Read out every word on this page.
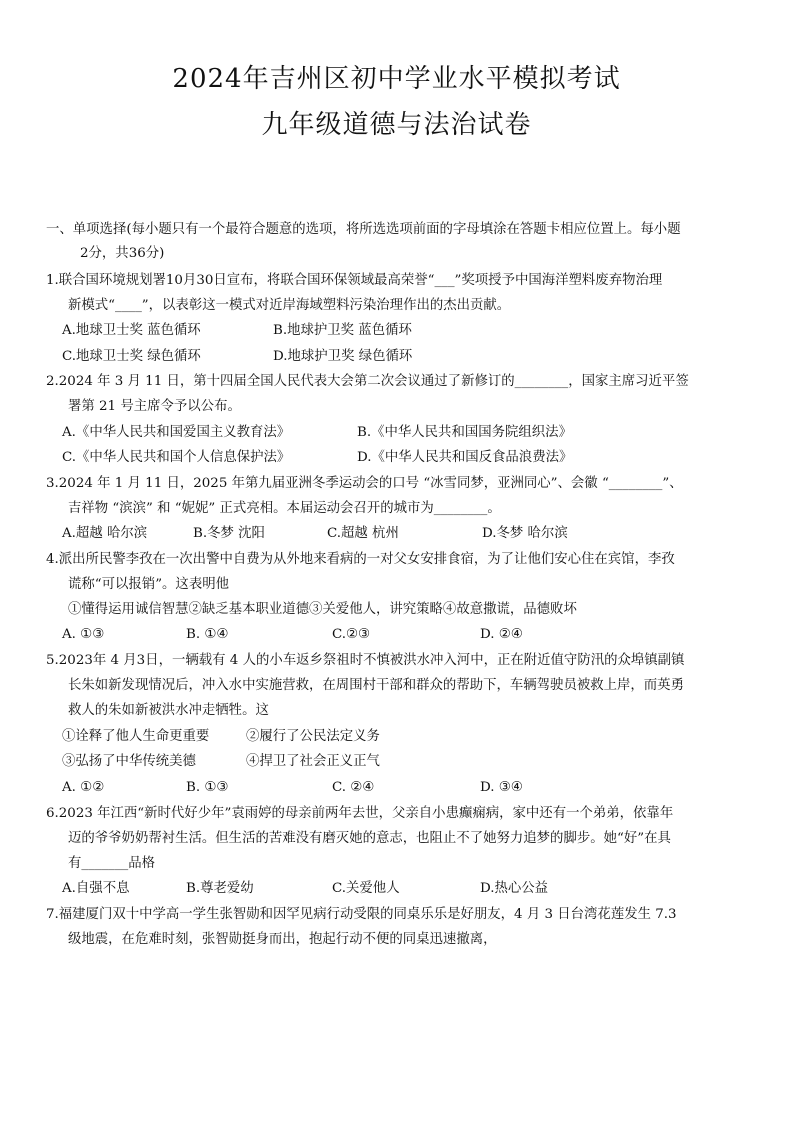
2024年吉州区初中学业水平模拟考试
九年级道德与法治试卷

一、单项选择(每小题只有一个最符合题意的选项，将所选选项前面的字母填涂在答题卡相应位置上。每小题

2分，共36分)

1.联合国环境规划署10月30日宣布，将联合国环保领域最高荣誉“___”奖项授予中国海洋塑料废弃物治理

新模式“____”，以表彰这一模式对近岸海域塑料污染治理作出的杰出贡献。

A.地球卫士奖 蓝色循环	B.地球护卫奖 蓝色循环
C.地球卫士奖 绿色循环	D.地球护卫奖 绿色循环

2.2024 年 3 月 11 日，第十四届全国人民代表大会第二次会议通过了新修订的________，国家主席习近平签

署第 21 号主席令予以公布。

A.《中华人民共和国爱国主义教育法》	B.《中华人民共和国国务院组织法》
C.《中华人民共和国个人信息保护法》	D.《中华人民共和国反食品浪费法》

3.2024 年 1 月 11 日，2025 年第九届亚洲冬季运动会的口号 “冰雪同梦，亚洲同心”、会徽 “________”、

吉祥物 “滨滨” 和 “妮妮” 正式亮相。本届运动会召开的城市为________。

A.超越 哈尔滨	B.冬梦 沈阳	C.超越 杭州	D.冬梦 哈尔滨

4.派出所民警李孜在一次出警中自费为从外地来看病的一对父女安排食宿，为了让他们安心住在宾馆，李孜

谎称“可以报销”。这表明他

①懂得运用诚信智慧②缺乏基本职业道德③关爱他人，讲究策略④故意撒谎，品德败坏

A. ①③	B. ①④	C.②③	D. ②④

5.2023年 4 月3日，一辆载有 4 人的小车返乡祭祖时不慎被洪水冲入河中，正在附近值守防汛的众埠镇副镇

长朱如新发现情况后，冲入水中实施营救，在周围村干部和群众的帮助下，车辆驾驶员被救上岸，而英勇

救人的朱如新被洪水冲走牺牲。这

①诠释了他人生命更重要	②履行了公民法定义务
③弘扬了中华传统美德	④捍卫了社会正义正气
A. ①②	B. ①③	C. ②④	D. ③④

6.2023 年江西“新时代好少年”袁雨婷的母亲前两年去世，父亲自小患癫痫病，家中还有一个弟弟，依靠年

迈的爷爷奶奶帮衬生活。但生活的苦难没有磨灭她的意志，也阻止不了她努力追梦的脚步。她“好”在具

有_______品格

A.自强不息	B.尊老爱幼	C.关爱他人	D.热心公益

7.福建厦门双十中学高一学生张智勋和因罕见病行动受限的同桌乐乐是好朋友，4 月 3 日台湾花莲发生 7.3

级地震，在危难时刻，张智勋挺身而出，抱起行动不便的同桌迅速撤离，
